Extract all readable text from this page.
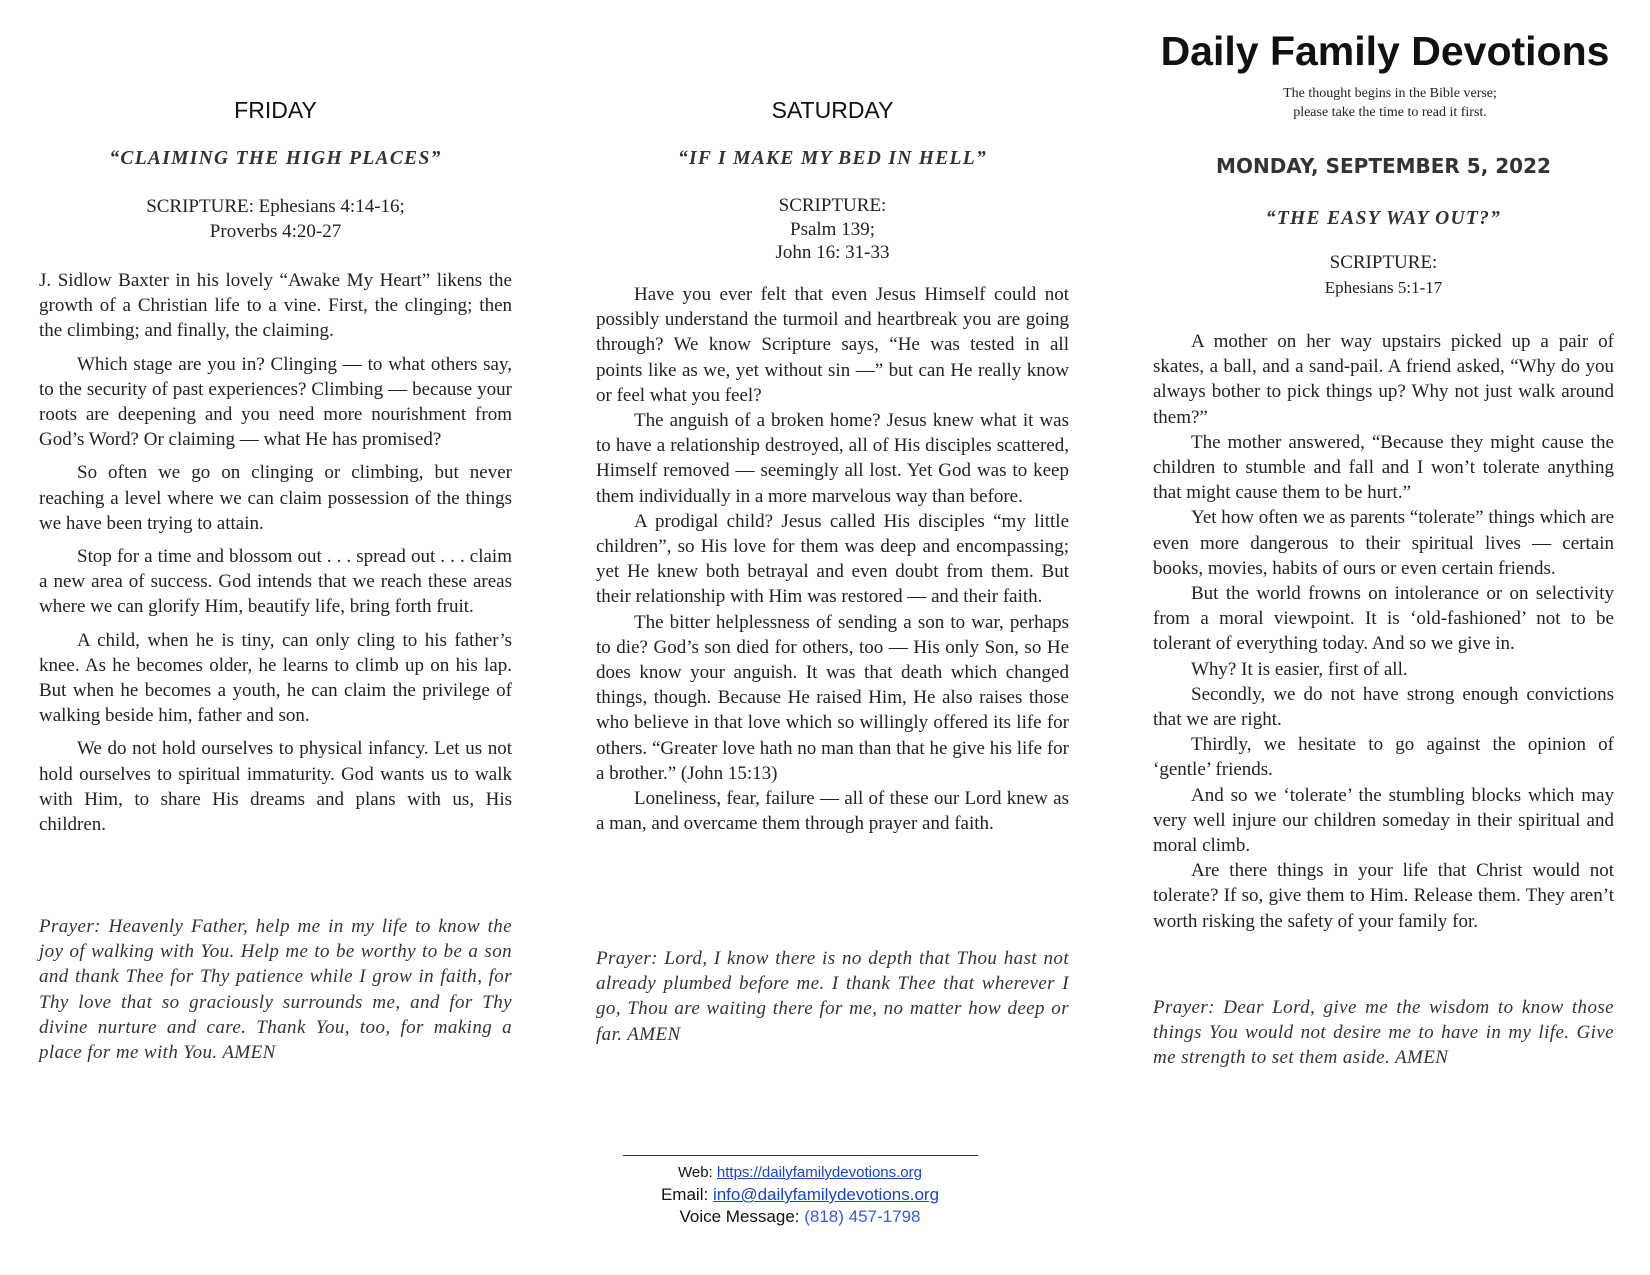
FRIDAY
“CLAIMING THE HIGH PLACES”
SCRIPTURE: Ephesians 4:14-16;
Proverbs 4:20-27

J. Sidlow Baxter in his lovely “Awake My Heart” likens the growth of a Christian life to a vine. First, the clinging; then the climbing; and finally, the claiming.

Which stage are you in? Clinging — to what others say, to the security of past experiences? Climbing — because your roots are deepening and you need more nourishment from God’s Word? Or claiming — what He has promised?

So often we go on clinging or climbing, but never reaching a level where we can claim possession of the things we have been trying to attain.

Stop for a time and blossom out . . . spread out . . . claim a new area of success. God intends that we reach these areas where we can glorify Him, beautify life, bring forth fruit.

A child, when he is tiny, can only cling to his father’s knee. As he becomes older, he learns to climb up on his lap. But when he becomes a youth, he can claim the privilege of walking beside him, father and son.

We do not hold ourselves to physical infancy. Let us not hold ourselves to spiritual immaturity. God wants us to walk with Him, to share His dreams and plans with us, His children.

Prayer: Heavenly Father, help me in my life to know the joy of walking with You. Help me to be worthy to be a son and thank Thee for Thy patience while I grow in faith, for Thy love that so graciously surrounds me, and for Thy divine nurture and care. Thank You, too, for making a place for me with You. AMEN
SATURDAY
“IF I MAKE MY BED IN HELL”
SCRIPTURE:
Psalm 139;
John 16: 31-33

Have you ever felt that even Jesus Himself could not possibly understand the turmoil and heartbreak you are going through? We know Scripture says, “He was tested in all points like as we, yet without sin —” but can He really know or feel what you feel?

The anguish of a broken home? Jesus knew what it was to have a relationship destroyed, all of His disciples scattered, Himself removed — seemingly all lost. Yet God was to keep them individually in a more marvelous way than before.

A prodigal child? Jesus called His disciples “my little children”, so His love for them was deep and encompassing; yet He knew both betrayal and even doubt from them. But their relationship with Him was restored — and their faith.

The bitter helplessness of sending a son to war, perhaps to die? God’s son died for others, too — His only Son, so He does know your anguish. It was that death which changed things, though. Because He raised Him, He also raises those who believe in that love which so willingly offered its life for others. “Greater love hath no man than that he give his life for a brother.” (John 15:13)

Loneliness, fear, failure — all of these our Lord knew as a man, and overcame them through prayer and faith.

Prayer: Lord, I know there is no depth that Thou hast not already plumbed before me. I thank Thee that wherever I go, Thou are waiting there for me, no matter how deep or far. AMEN
Daily Family Devotions
The thought begins in the Bible verse;
please take the time to read it first.
MONDAY, SEPTEMBER 5, 2022
“THE EASY WAY OUT?”
SCRIPTURE:
Ephesians 5:1-17

A mother on her way upstairs picked up a pair of skates, a ball, and a sand-pail. A friend asked, “Why do you always bother to pick things up? Why not just walk around them?”

The mother answered, “Because they might cause the children to stumble and fall and I won’t tolerate anything that might cause them to be hurt.”

Yet how often we as parents “tolerate” things which are even more dangerous to their spiritual lives — certain books, movies, habits of ours or even certain friends.

But the world frowns on intolerance or on selectivity from a moral viewpoint. It is ‘old-fashioned’ not to be tolerant of everything today. And so we give in.

Why? It is easier, first of all.

Secondly, we do not have strong enough convictions that we are right.

Thirdly, we hesitate to go against the opinion of ‘gentle’ friends.

And so we ‘tolerate’ the stumbling blocks which may very well injure our children someday in their spiritual and moral climb.

Are there things in your life that Christ would not tolerate? If so, give them to Him. Release them. They aren’t worth risking the safety of your family for.

Prayer: Dear Lord, give me the wisdom to know those things You would not desire me to have in my life. Give me strength to set them aside. AMEN
Web: https://dailyfamilydevotions.org
Email: info@dailyfamilydevotions.org
Voice Message: (818) 457-1798
